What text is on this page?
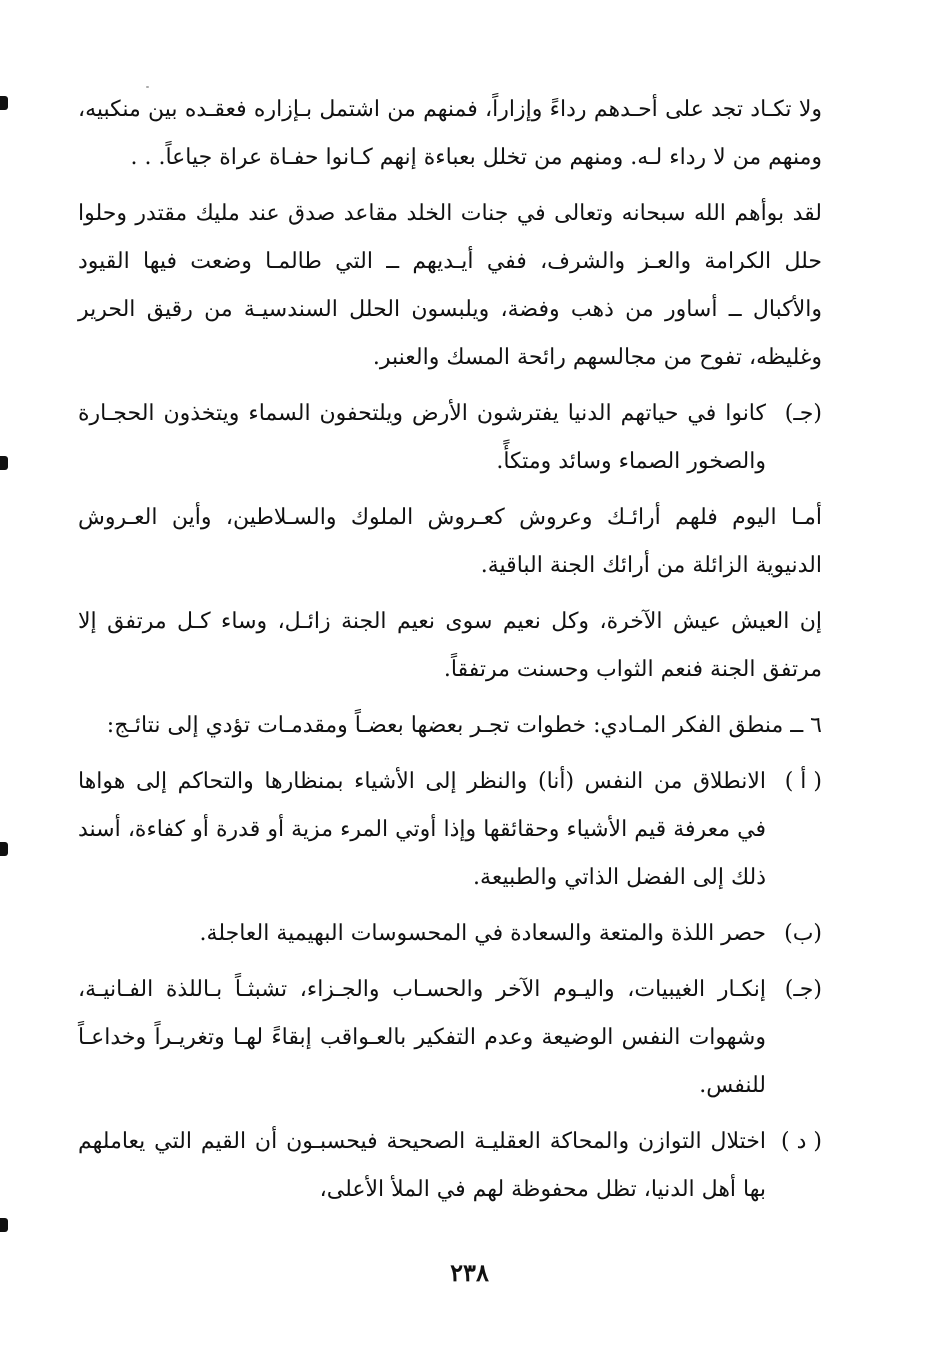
ولا تكـاد تجد على أحـدهم رداءً وإزاراً، فمنهم من اشتمل بـإزاره فعقـده بين منكبيه، ومنهم من لا رداء لـه. ومنهم من تخلل بعباءة إنهم كـانوا حفـاة عراة جياعاً. . .

لقد بوأهم الله سبحانه وتعالى في جنات الخلد مقاعد صدق عند مليك مقتدر وحلوا حلل الكرامة والعـز والشرف، ففي أيـديهم ــ التي طالمـا وضعت فيها القيود والأكبال ــ أساور من ذهب وفضة، ويلبسون الحلل السندسيـة من رقيق الحرير وغليظه، تفوح من مجالسهم رائحة المسك والعنبر.

(جـ)
كانوا في حياتهم الدنيا يفترشون الأرض ويلتحفون السماء ويتخذون الحجـارة والصخور الصماء وسائد ومتكأً.

أمـا اليوم فلهم أرائـك وعروش كعـروش الملوك والسـلاطين، وأين العـروش الدنيوية الزائلة من أرائك الجنة الباقية.

إن العيش عيش الآخرة، وكل نعيم سوى نعيم الجنة زائـل، وساء كـل مرتفق إلا مرتفق الجنة فنعم الثواب وحسنت مرتفقاً.

٦ ــ منطق الفكر المـادي: خطوات تجـر بعضها بعضـاً ومقدمـات تؤدي إلى نتائـج:

( أ )
الانطلاق من النفس (أنا) والنظر إلى الأشياء بمنظارها والتحاكم إلى هواها في معرفة قيم الأشياء وحقائقها وإذا أوتي المرء مزية أو قدرة أو كفاءة، أسند ذلك إلى الفضل الذاتي والطبيعة.
(ب)
حصر اللذة والمتعة والسعادة في المحسوسات البهيمية العاجلة.
(جـ)
إنكـار الغيبيات، واليـوم الآخر والحسـاب والجـزاء، تشبثـاً بـاللذة الفـانيـة، وشهوات النفس الوضيعة وعدم التفكير بالعـواقب إبقاءً لهـا وتغريـراً وخداعـاً للنفس.
( د )
اختلال التوازن والمحاكة العقليـة الصحيحة فيحسبـون أن القيم التي يعاملهم بها أهل الدنيا، تظل محفوظة لهم في الملأ الأعلى،
٢٣٨
